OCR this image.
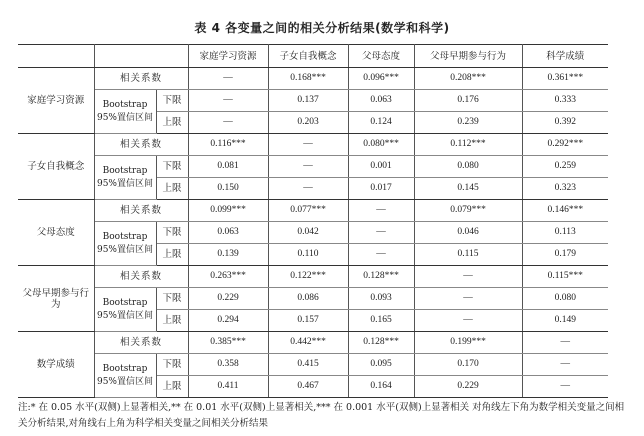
表 4 各变量之间的相关分析结果(数学和科学)
			家庭学习资源	子女自我概念	父母态度	父母早期参与行为	科学成绩
家庭学习资源	相关系数		—	0.168***	0.096***	0.208***	0.361***
	Bootstrap 95%置信区间	下限	—	0.137	0.063	0.176	0.333
		上限	—	0.203	0.124	0.239	0.392
子女自我概念	相关系数		0.116***	—	0.080***	0.112***	0.292***
	Bootstrap 95%置信区间	下限	0.081	—	0.001	0.080	0.259
		上限	0.150	—	0.017	0.145	0.323
父母态度	相关系数		0.099***	0.077***	—	0.079***	0.146***
	Bootstrap 95%置信区间	下限	0.063	0.042	—	0.046	0.113
		上限	0.139	0.110	—	0.115	0.179
父母早期参与行为	相关系数		0.263***	0.122***	0.128***	—	0.115***
	Bootstrap 95%置信区间	下限	0.229	0.086	0.093	—	0.080
		上限	0.294	0.157	0.165	—	0.149
数学成绩	相关系数		0.385***	0.442***	0.128***	0.199***	—
	Bootstrap 95%置信区间	下限	0.358	0.415	0.095	0.170	—
		上限	0.411	0.467	0.164	0.229	—
注:* 在 0.05 水平(双侧)上显著相关,** 在 0.01 水平(双侧)上显著相关,*** 在 0.001 水平(双侧)上显著相关 对角线左下角为数学相关变量之间相关分析结果,对角线右上角为科学相关变量之间相关分析结果
